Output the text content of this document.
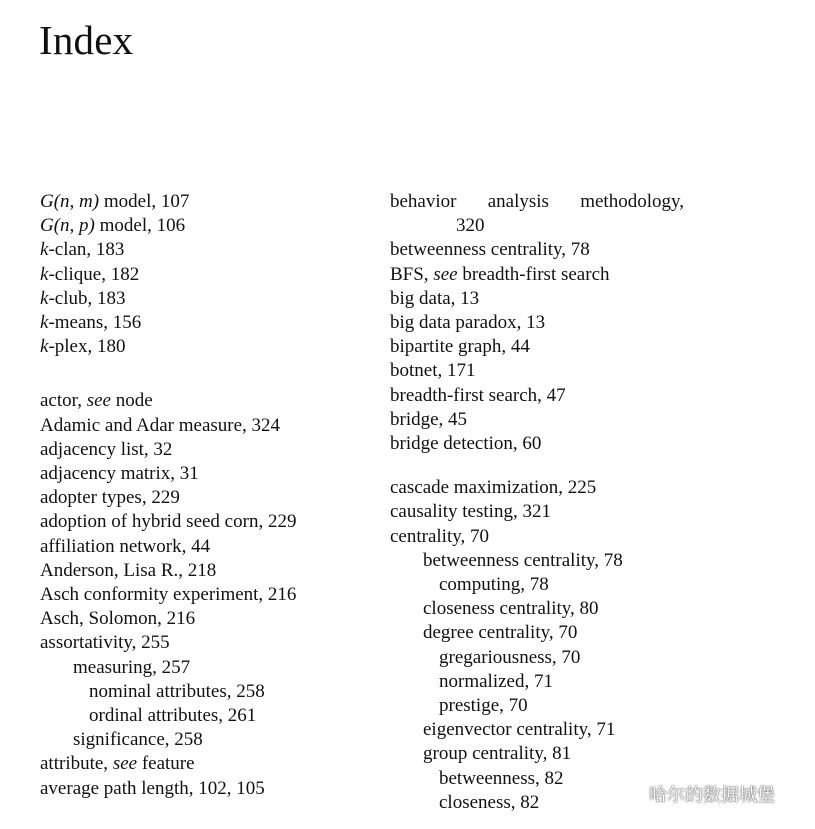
Index
G(n, m) model, 107
G(n, p) model, 106
k-clan, 183
k-clique, 182
k-club, 183
k-means, 156
k-plex, 180
actor, see node
Adamic and Adar measure, 324
adjacency list, 32
adjacency matrix, 31
adopter types, 229
adoption of hybrid seed corn, 229
affiliation network, 44
Anderson, Lisa R., 218
Asch conformity experiment, 216
Asch, Solomon, 216
assortativity, 255
measuring, 257
nominal attributes, 258
ordinal attributes, 261
significance, 258
attribute, see feature
average path length, 102, 105
behavior analysis methodology,
320
betweenness centrality, 78
BFS, see breadth-first search
big data, 13
big data paradox, 13
bipartite graph, 44
botnet, 171
breadth-first search, 47
bridge, 45
bridge detection, 60
cascade maximization, 225
causality testing, 321
centrality, 70
betweenness centrality, 78
computing, 78
closeness centrality, 80
degree centrality, 70
gregariousness, 70
normalized, 71
prestige, 70
eigenvector centrality, 71
group centrality, 81
betweenness, 82
closeness, 82	哈尔的数据城堡
